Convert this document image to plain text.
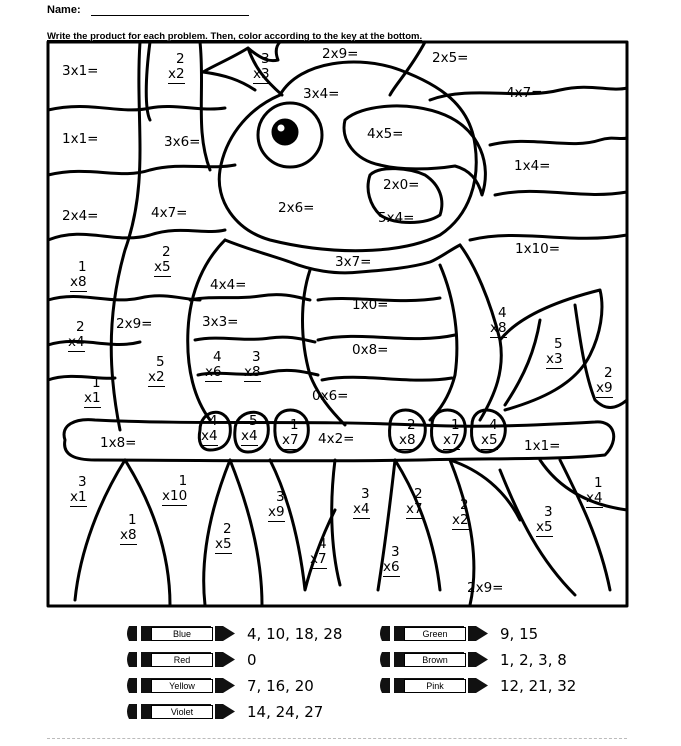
Name:
Write the product for each problem. Then, color according to the key at the bottom.
3x1=
2x9=	2x5=
3x4=	4x7=
1x1=	3x6=	4x5=
1x4=
2x0=
2x4=	4x7=	2x6=
5x4=
1x10=
3x7=
4x4=
1x0=
2x9=	3x3=
0x8=
0x6=
1x8=	4x2=	1x1=
2x9=
2
x2
3
x3
2
x5
1
x8
4
x8
2
x4	5
x3
5
x2
4
x6
3
x8	2
x9
1
x1
4
x4
5
x4
1
x7
2
x8
1
x7
4
x5
3
x1
1
x10	3
x9
3
x4
2
x7	2
x2	3
x5
1
x4
1
x8	2
x5	4
x7	3
x6
Blue	4, 10, 18, 28
Red	0
Yellow	7, 16, 20
Violet	14, 24, 27
Green	9, 15
Brown	1, 2, 3, 8
Pink	12, 21, 32
